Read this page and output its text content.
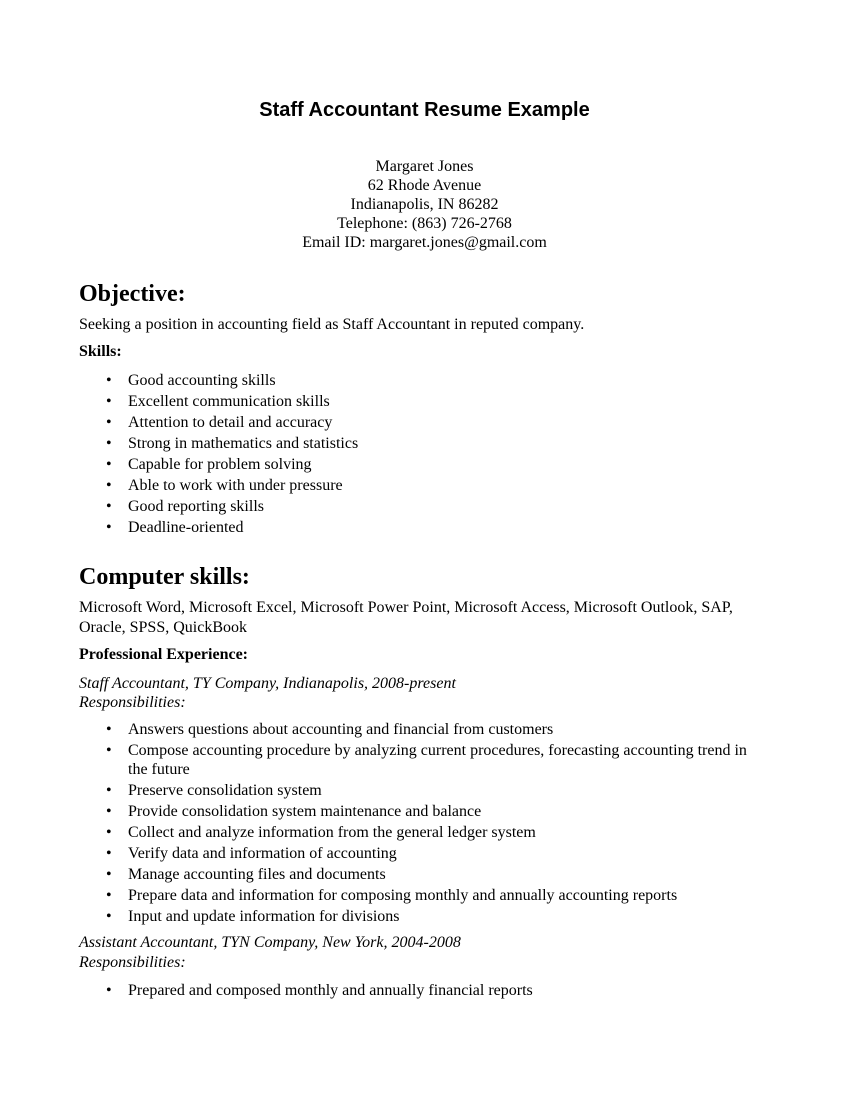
Staff Accountant Resume Example
Margaret Jones
62 Rhode Avenue
Indianapolis, IN 86282
Telephone: (863) 726-2768
Email ID: margaret.jones@gmail.com
Objective:
Seeking a position in accounting field as Staff Accountant in reputed company.
Skills:
• Good accounting skills
• Excellent communication skills
• Attention to detail and accuracy
• Strong in mathematics and statistics
• Capable for problem solving
• Able to work with under pressure
• Good reporting skills
• Deadline-oriented
Computer skills:
Microsoft Word, Microsoft Excel, Microsoft Power Point, Microsoft Access, Microsoft Outlook, SAP, Oracle, SPSS, QuickBook
Professional Experience:
Staff Accountant, TY Company, Indianapolis, 2008-present
Responsibilities:
• Answers questions about accounting and financial from customers
• Compose accounting procedure by analyzing current procedures, forecasting accounting trend in the future
• Preserve consolidation system
• Provide consolidation system maintenance and balance
• Collect and analyze information from the general ledger system
• Verify data and information of accounting
• Manage accounting files and documents
• Prepare data and information for composing monthly and annually accounting reports
• Input and update information for divisions
Assistant Accountant, TYN Company, New York, 2004-2008
Responsibilities:
• Prepared and composed monthly and annually financial reports
